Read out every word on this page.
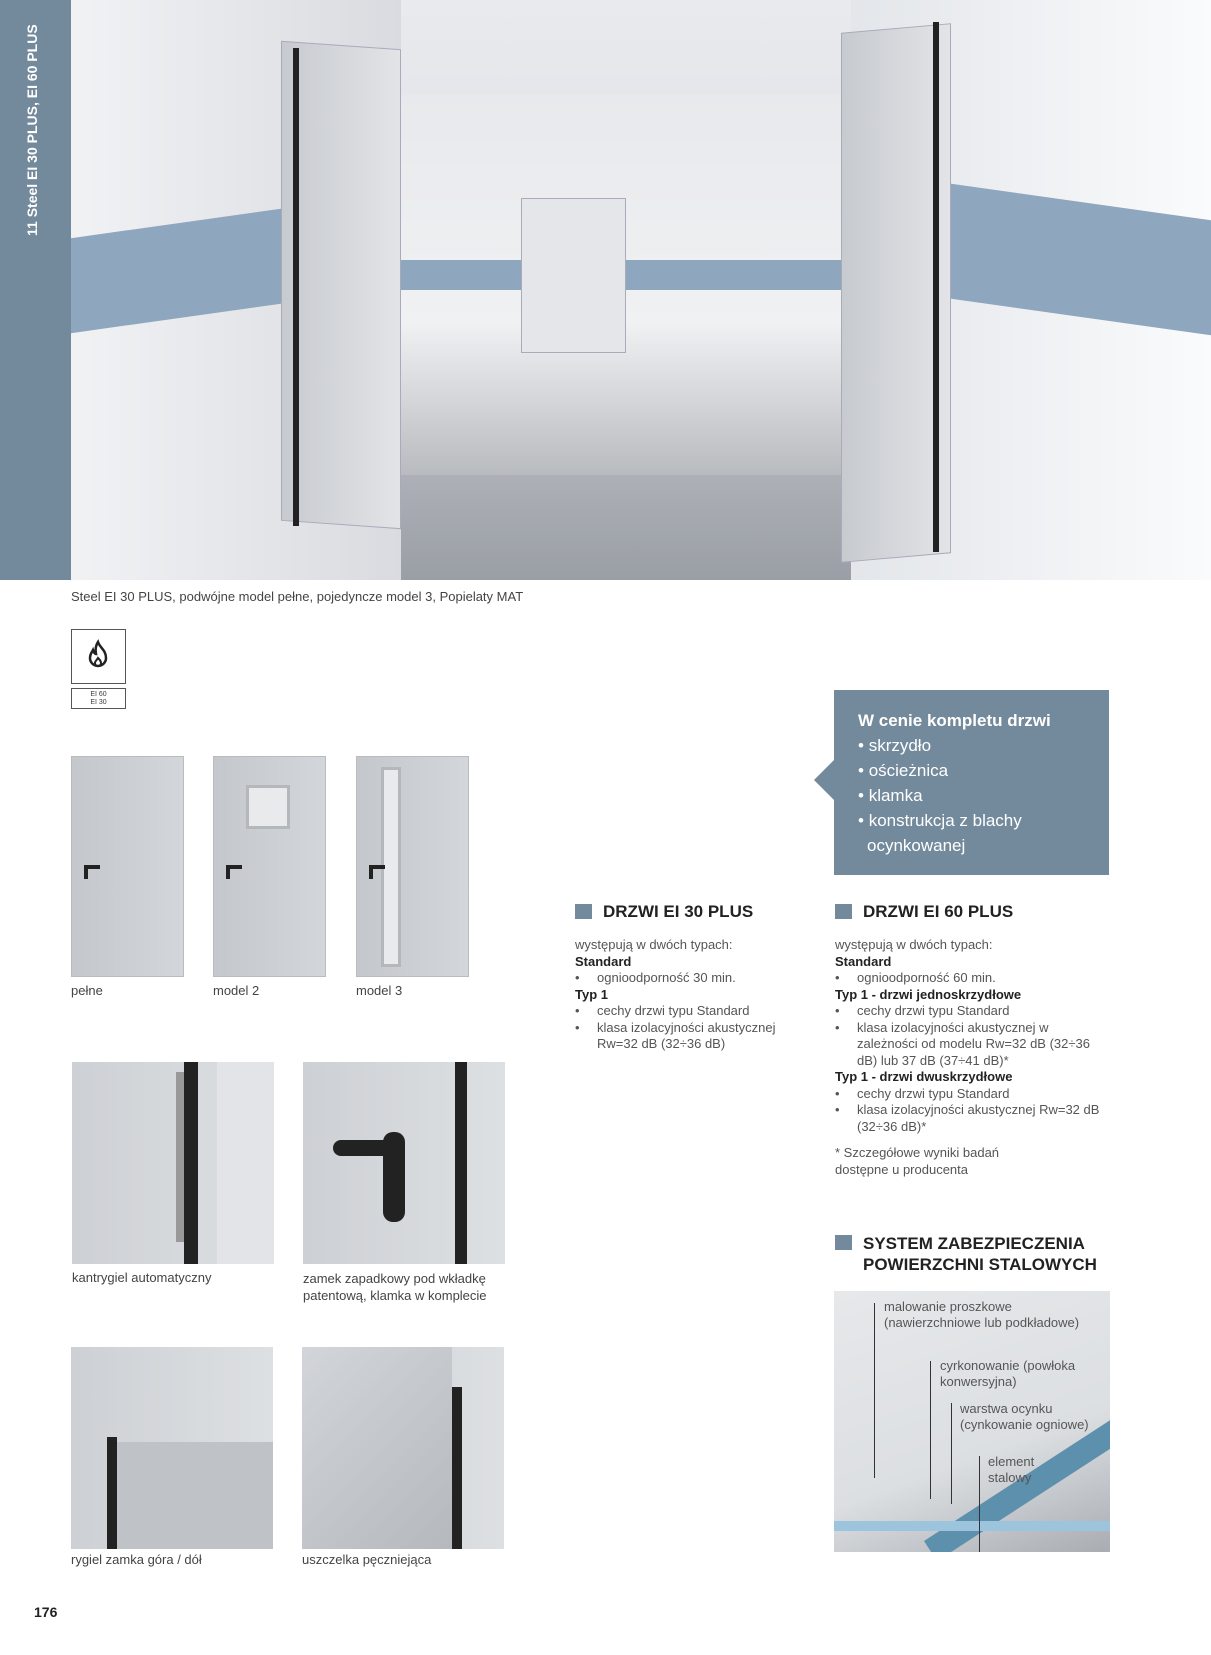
11 Steel EI 30 PLUS, EI 60 PLUS
Steel EI 30 PLUS, podwójne model pełne, pojedyncze model 3, Popielaty MAT
EI 60
EI 30
pełne	model 2	model 3
kantrygiel automatyczny	zamek zapadkowy pod wkładkę patentową, klamka w komplecie
rygiel zamka góra / dół	uszczelka pęczniejąca
W cenie kompletu drzwi
• skrzydło
• ościeżnica
• klamka
• konstrukcja z blachy ocynkowanej
DRZWI EI 30 PLUS
występują w dwóch typach:
Standard
• ognioodporność 30 min.
Typ 1
• cechy drzwi typu Standard
• klasa izolacyjności akustycznej Rw=32 dB (32÷36 dB)
DRZWI EI 60 PLUS
występują w dwóch typach:
Standard
• ognioodporność 60 min.
Typ 1 - drzwi jednoskrzydłowe
• cechy drzwi typu Standard
• klasa izolacyjności akustycznej w zależności od modelu Rw=32 dB (32÷36 dB) lub 37 dB (37÷41 dB)*
Typ 1 - drzwi dwuskrzydłowe
• cechy drzwi typu Standard
• klasa izolacyjności akustycznej Rw=32 dB (32÷36 dB)*
* Szczegółowe wyniki badań dostępne u producenta
SYSTEM ZABEZPIECZENIA
POWIERZCHNI STALOWYCH
malowanie proszkowe (nawierzchniowe lub podkładowe)
cyrkonowanie (powłoka konwersyjna)
warstwa ocynku (cynkowanie ogniowe)
element stalowy
176
